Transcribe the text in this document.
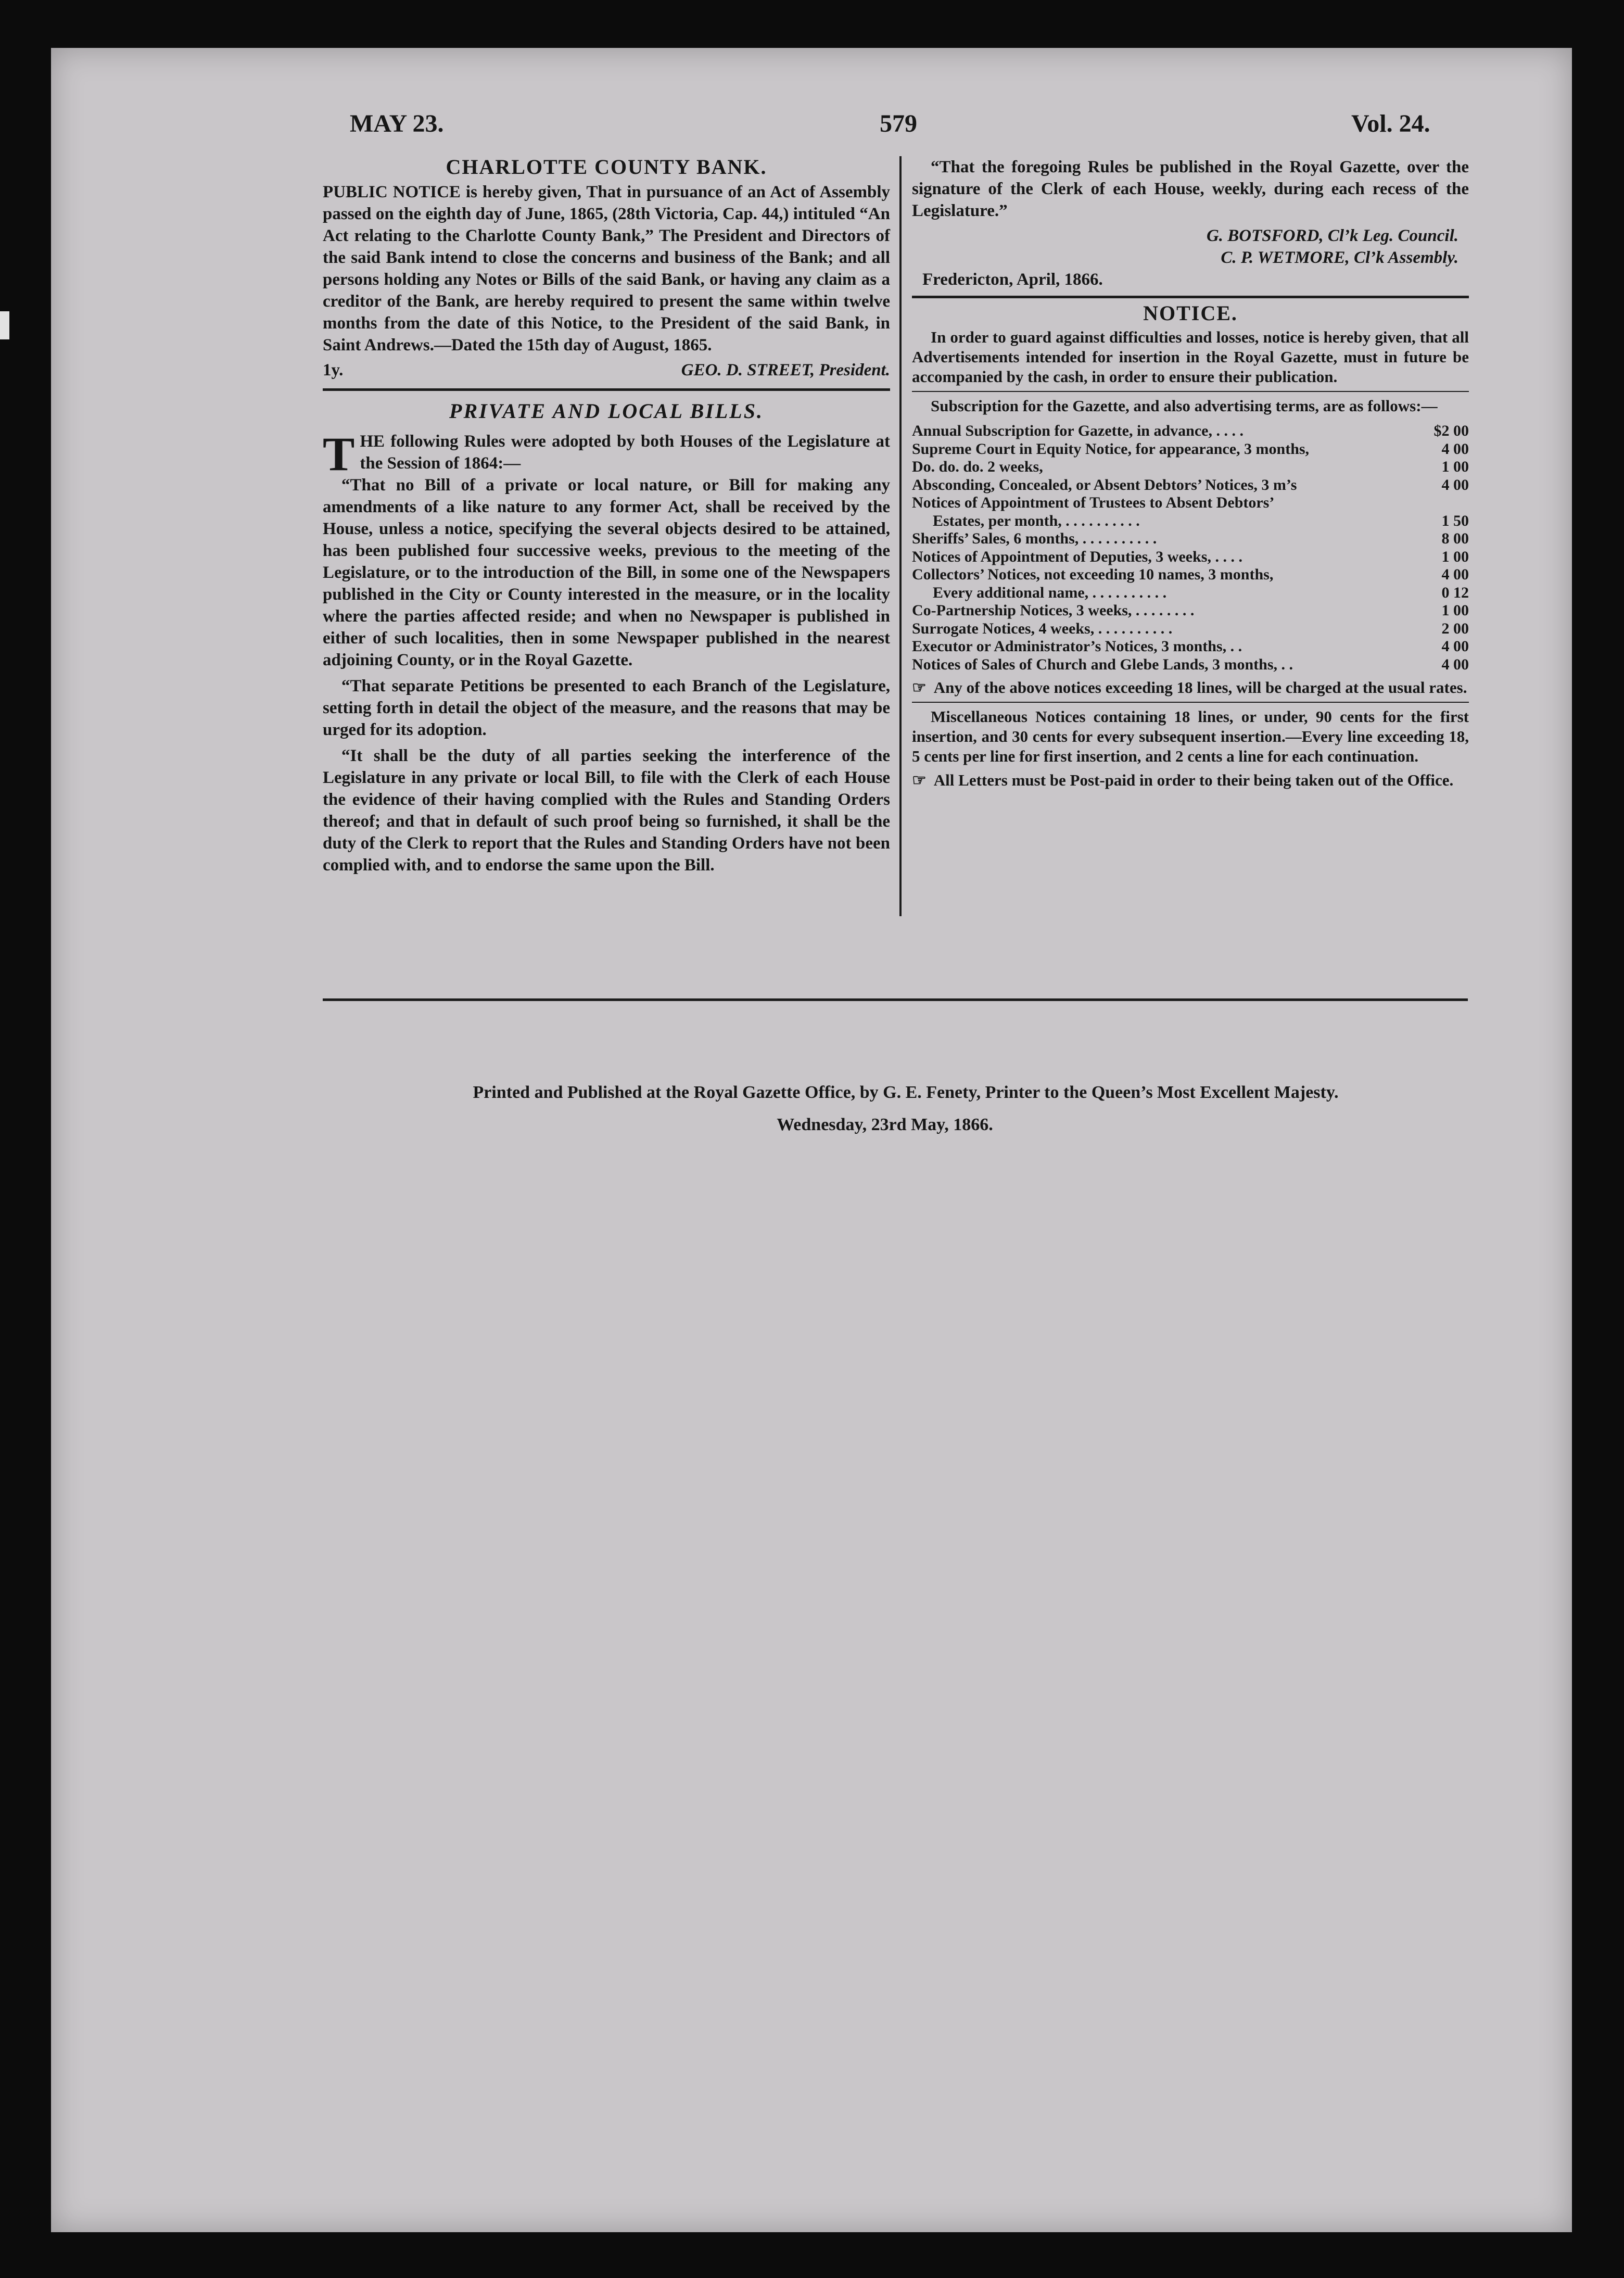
MAY 23.	579	Vol. 24.
CHARLOTTE COUNTY BANK.

PUBLIC NOTICE is hereby given, That in pursuance of an Act of Assembly passed on the eighth day of June, 1865, (28th Victoria, Cap. 44,) intituled “An Act relating to the Charlotte County Bank,” The President and Directors of the said Bank intend to close the concerns and business of the Bank; and all persons holding any Notes or Bills of the said Bank, or having any claim as a creditor of the Bank, are hereby required to present the same within twelve months from the date of this Notice, to the President of the said Bank, in Saint Andrews.—Dated the 15th day of August, 1865.

1y.	GEO. D. STREET, President.
PRIVATE AND LOCAL BILLS.

THE following Rules were adopted by both Houses of the Legislature at the Session of 1864:—

“That no Bill of a private or local nature, or Bill for making any amendments of a like nature to any former Act, shall be received by the House, unless a notice, specifying the several objects desired to be attained, has been published four successive weeks, previous to the meeting of the Legislature, or to the introduction of the Bill, in some one of the Newspapers published in the City or County interested in the measure, or in the locality where the parties affected reside; and when no Newspaper is published in either of such localities, then in some Newspaper published in the nearest adjoining County, or in the Royal Gazette.

“That separate Petitions be presented to each Branch of the Legislature, setting forth in detail the object of the measure, and the reasons that may be urged for its adoption.

“It shall be the duty of all parties seeking the interference of the Legislature in any private or local Bill, to file with the Clerk of each House the evidence of their having complied with the Rules and Standing Orders thereof; and that in default of such proof being so furnished, it shall be the duty of the Clerk to report that the Rules and Standing Orders have not been complied with, and to endorse the same upon the Bill.

“That the foregoing Rules be published in the Royal Gazette, over the signature of the Clerk of each House, weekly, during each recess of the Legislature.”

G. BOTSFORD, Cl’k Leg. Council.
C. P. WETMORE, Cl’k Assembly.
Fredericton, April, 1866.
NOTICE.

In order to guard against difficulties and losses, notice is hereby given, that all Advertisements intended for insertion in the Royal Gazette, must in future be accompanied by the cash, in order to ensure their publication.

Subscription for the Gazette, and also advertising terms, are as follows:—

Annual Subscription for Gazette, in advance, . . . .	$2 00
Supreme Court in Equity Notice, for appearance, 3 months,	4 00
Do. do. do. 2 weeks,	1 00
Absconding, Concealed, or Absent Debtors’ Notices, 3 m’s	4 00
Notices of Appointment of Trustees to Absent Debtors’
Estates, per month, . . . . . . . . . .	1 50
Sheriffs’ Sales, 6 months, . . . . . . . . . .	8 00
Notices of Appointment of Deputies, 3 weeks, . . . .	1 00
Collectors’ Notices, not exceeding 10 names, 3 months,	4 00
Every additional name, . . . . . . . . . .	0 12
Co-Partnership Notices, 3 weeks, . . . . . . . .	1 00
Surrogate Notices, 4 weeks, . . . . . . . . . .	2 00
Executor or Administrator’s Notices, 3 months, . .	4 00
Notices of Sales of Church and Glebe Lands, 3 months, . .	4 00

☞ Any of the above notices exceeding 18 lines, will be charged at the usual rates.

Miscellaneous Notices containing 18 lines, or under, 90 cents for the first insertion, and 30 cents for every subsequent insertion.—Every line exceeding 18, 5 cents per line for first insertion, and 2 cents a line for each continuation.

☞ All Letters must be Post-paid in order to their being taken out of the Office.

Printed and Published at the Royal Gazette Office, by G. E. Fenety, Printer to the Queen’s Most Excellent Majesty.
Wednesday, 23rd May, 1866.
